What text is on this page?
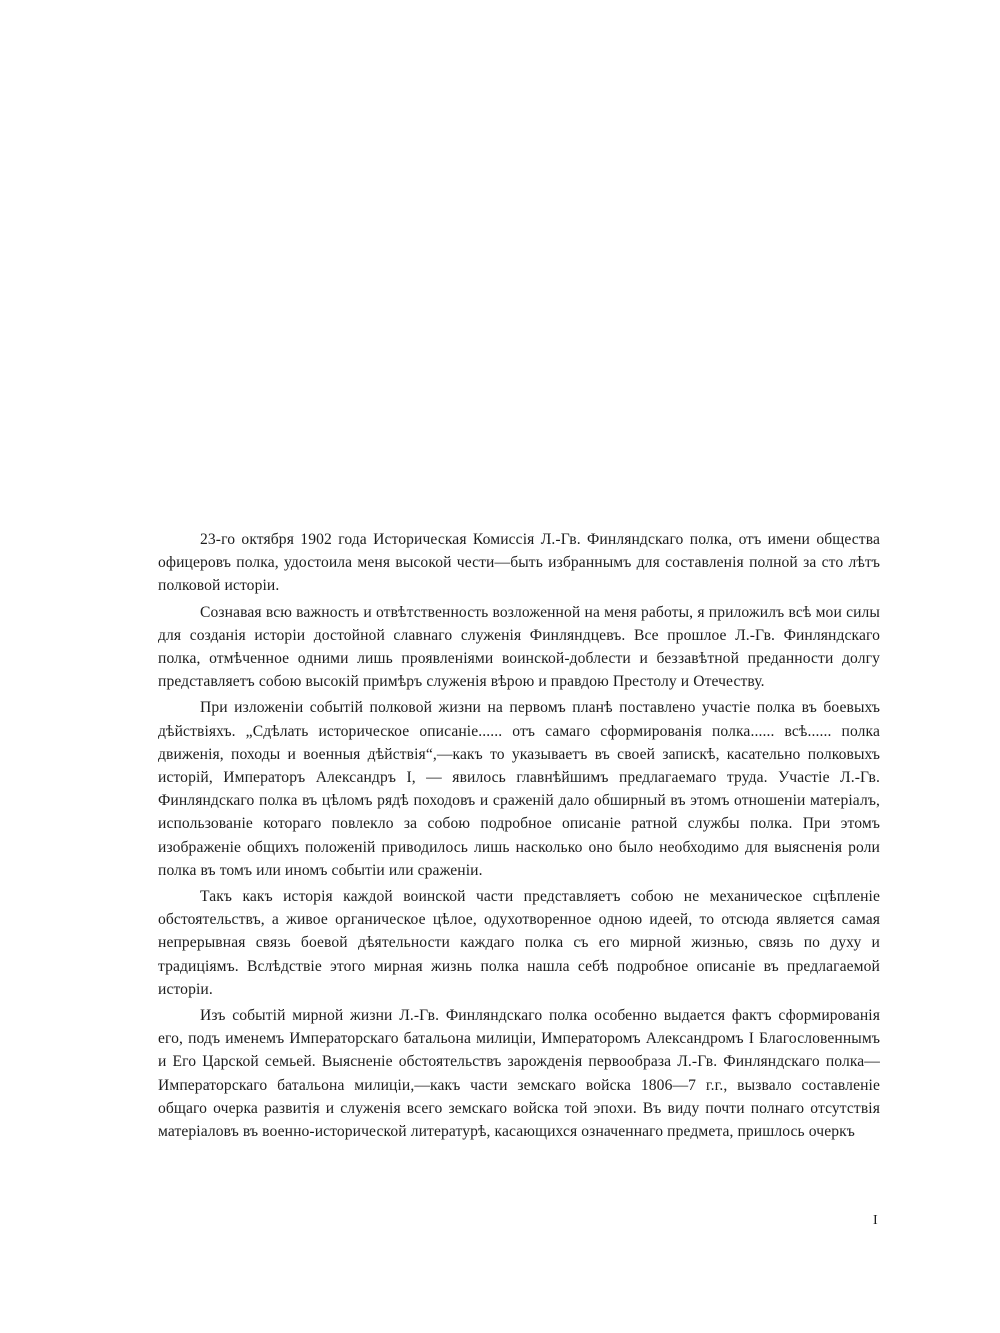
23-го октября 1902 года Историческая Комиссія Л.-Гв. Финляндскаго полка, отъ имени общества офицеровъ полка, удостоила меня высокой чести—быть избраннымъ для составленія полной за сто лѣтъ полковой исторіи.

Сознавая всю важность и отвѣтственность возложенной на меня работы, я приложилъ всѣ мои силы для созданія исторіи достойной славнаго служенія Финляндцевъ. Все прошлое Л.-Гв. Финляндскаго полка, отмѣченное одними лишь проявленіями воинской-доблести и беззавѣтной преданности долгу представляетъ собою высокій примѣръ служенія вѣрою и правдою Престолу и Отечеству.

При изложеніи событій полковой жизни на первомъ планѣ поставлено участіе полка въ боевыхъ дѣйствіяхъ. „Сдѣлать историческое описаніе...... отъ самаго сформированія полка...... всѣ...... полка движенія, походы и военныя дѣйствія“,—какъ то указываетъ въ своей запискѣ, касательно полковыхъ исторій, Императоръ Александръ I, — явилось главнѣйшимъ предлагаемаго труда. Участіе Л.-Гв. Финляндскаго полка въ цѣломъ рядѣ походовъ и сраженій дало обширный въ этомъ отношеніи матеріалъ, использованіе котораго повлекло за собою подробное описаніе ратной службы полка. При этомъ изображеніе общихъ положеній приводилось лишь насколько оно было необходимо для выясненія роли полка въ томъ или иномъ событіи или сраженіи.

Такъ какъ исторія каждой воинской части представляетъ собою не механическое сцѣпленіе обстоятельствъ, а живое органическое цѣлое, одухотворенное одною идеей, то отсюда является самая непрерывная связь боевой дѣятельности каждаго полка съ его мирной жизнью, связь по духу и традиціямъ. Вслѣдствіе этого мирная жизнь полка нашла себѣ подробное описаніе въ предлагаемой исторіи.

Изъ событій мирной жизни Л.-Гв. Финляндскаго полка особенно выдается фактъ сформированія его, подъ именемъ Императорскаго батальона милиціи, Императоромъ Александромъ I Благословеннымъ и Его Царской семьей. Выясненіе обстоятельствъ зарожденія первообраза Л.-Гв. Финляндскаго полка—Императорскаго батальона милиціи,—какъ части земскаго войска 1806—7 г.г., вызвало составленіе общаго очерка развитія и служенія всего земскаго войска той эпохи. Въ виду почти полнаго отсутствія матеріаловъ въ военно-исторической литературѣ, касающихся означеннаго предмета, пришлось очеркъ

I
